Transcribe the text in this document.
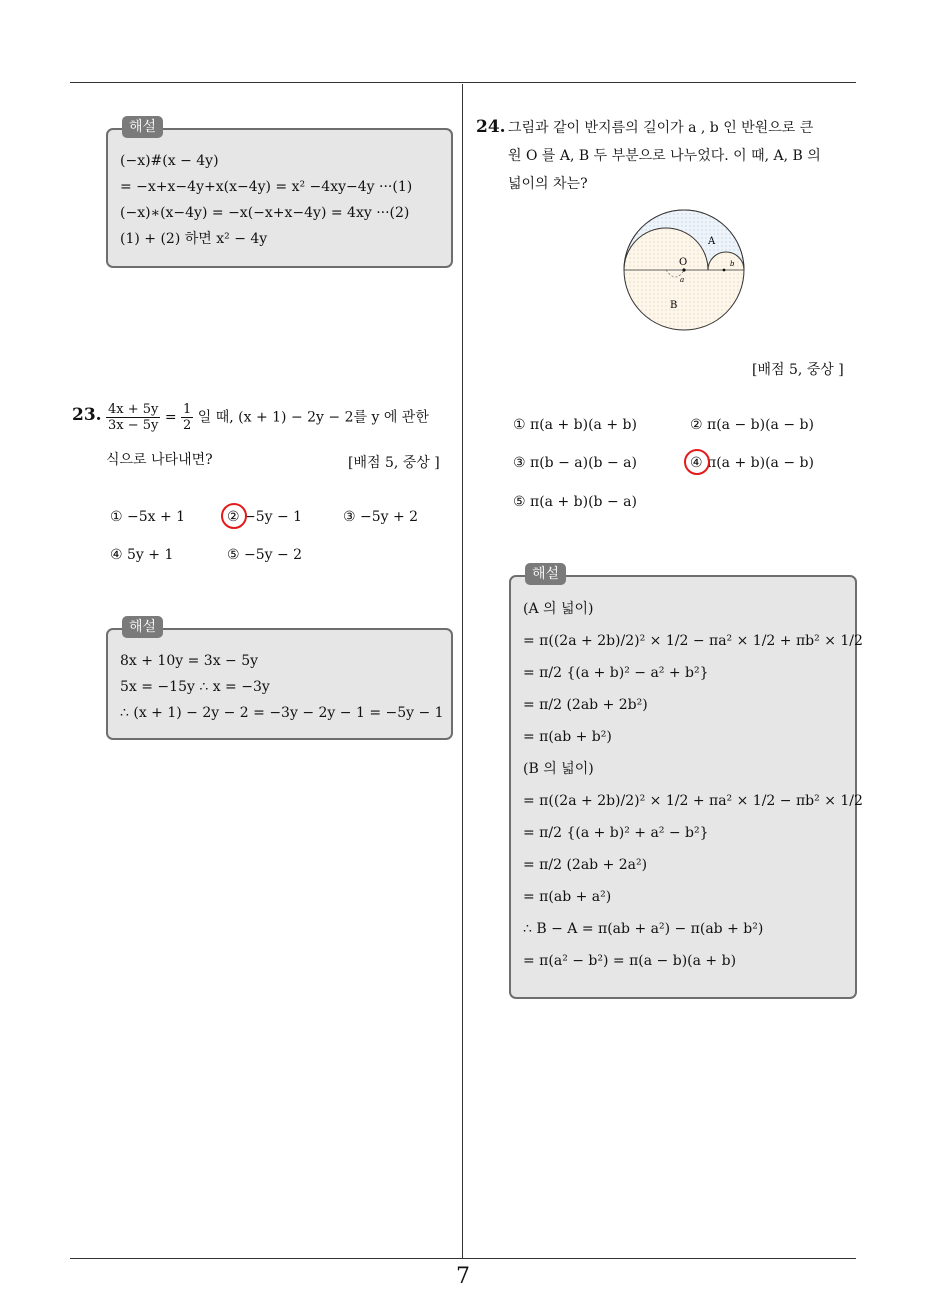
7
해설
(−x)#(x − 4y)
= −x+x−4y+x(x−4y) = x² −4xy−4y ···(1)
(−x)∗(x−4y) = −x(−x+x−4y) = 4xy ···(2)
(1) + (2) 하면 x² − 4y
23. $\frac{4x + 5y}{3x - 5y} = \frac{1}{2}$ 일 때, (x + 1) − 2y − 2를 y 에 관한
식으로 나타내면?	[배점 5, 중상 ]
① −5x + 1	② −5y − 1	③ −5y + 2
④ 5y + 1	⑤ −5y − 2
해설
8x + 10y = 3x − 5y
5x = −15y ∴ x = −3y
∴ (x + 1) − 2y − 2 = −3y − 2y − 1 = −5y − 1
24. 그림과 같이 반지름의 길이가 a , b 인 반원으로 큰
원 O 를 A, B 두 부분으로 나누었다. 이 때, A, B 의
넓이의 차는?
A
B
O
a
b
[배점 5, 중상 ]
① π(a + b)(a + b)	② π(a − b)(a − b)
③ π(b − a)(b − a)	④ π(a + b)(a − b)
⑤ π(a + b)(b − a)
해설
(A 의 넓이)
= π((2a + 2b)/2)² × 1/2 − πa² × 1/2 + πb² × 1/2
= π/2 {(a + b)² − a² + b²}
= π/2 (2ab + 2b²)
= π(ab + b²)
(B 의 넓이)
= π((2a + 2b)/2)² × 1/2 + πa² × 1/2 − πb² × 1/2
= π/2 {(a + b)² + a² − b²}
= π/2 (2ab + 2a²)
= π(ab + a²)
∴ B − A = π(ab + a²) − π(ab + b²)
= π(a² − b²) = π(a − b)(a + b)
